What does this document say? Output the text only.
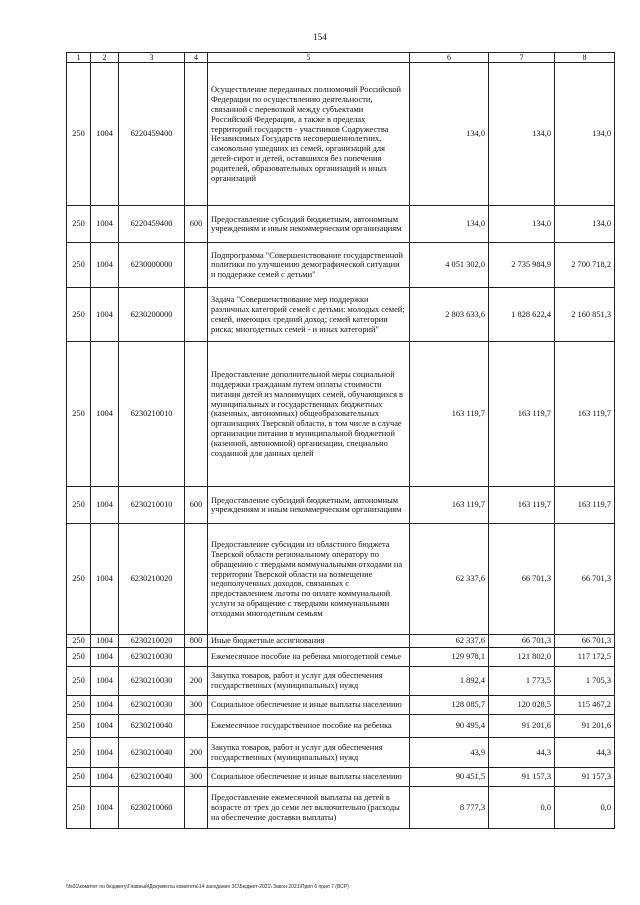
154
1	2	3	4	5	6	7	8
250	1004	6220459400		Осуществление переданных полномочий Российской Федерации по осуществлению деятельности, связанной с перевозкой между субъектами Российской Федерации, а также в пределах территорий государств - участников Содружества Независимых Государств несовершеннолетних, самовольно ушедших из семей, организаций для детей-сирот и детей, оставшихся без попечения родителей, образовательных организаций и иных организаций	134,0	134,0	134,0
250	1004	6220459400	600	Предоставление субсидий бюджетным, автономным учреждениям и иным некоммерческим организациям	134,0	134,0	134,0
250	1004	6230000000		Подпрограмма "Совершенствование государственной политики по улучшению демографической ситуации и поддержке семей с детьми"	4 051 302,0	2 735 984,9	2 700 718,2
250	1004	6230200000		Задача "Совершенствование мер поддержки различных категорий семей с детьми: молодых семей; семей, имеющих средний доход; семей категории риска; многодетных семей - и иных категорий"	2 803 633,6	1 828 622,4	2 160 851,3
250	1004	6230210010		Предоставление дополнительной меры социальной поддержки гражданам путем оплаты стоимости питания детей из малоимущих семей, обучающихся в муниципальных и государственных бюджетных (казенных, автономных) общеобразовательных организациях Тверской области, в том числе в случае организации питания в муниципальной бюджетной (казенной, автономной) организации, специально созданной для данных целей	163 119,7	163 119,7	163 119,7
250	1004	6230210010	600	Предоставление субсидий бюджетным, автономным учреждениям и иным некоммерческим организациям	163 119,7	163 119,7	163 119,7
250	1004	6230210020		Предоставление субсидии из областного бюджета Тверской области региональному оператору по обращению с твердыми коммунальными отходами на территории Тверской области на возмещение недополученных доходов, связанных с предоставлением льготы по оплате коммунальной услуги за обращение с твердыми коммунальными отходами многодетным семьям	62 337,6	66 701,3	66 701,3
250	1004	6230210020	800	Иные бюджетные ассигнования	62 337,6	66 701,3	66 701,3
250	1004	6230210030		Ежемесячное пособие на ребенка многодетной семье	129 978,1	121 802,0	117 172,5
250	1004	6230210030	200	Закупка товаров, работ и услуг для обеспечения государственных (муниципальных) нужд	1 892,4	1 773,5	1 705,3
250	1004	6230210030	300	Социальное обеспечение и иные выплаты населению	128 085,7	120 028,5	115 467,2
250	1004	6230210040		Ежемесячное государственное пособие на ребенка	90 495,4	91 201,6	91 201,6
250	1004	6230210040	200	Закупка товаров, работ и услуг для обеспечения государственных (муниципальных) нужд	43,9	44,3	44,3
250	1004	6230210040	300	Социальное обеспечение и иные выплаты населению	90 451,5	91 157,3	91 157,3
250	1004	6230210060		Предоставление ежемесячной выплаты на детей в возрасте от трех до семи лет включительно (расходы на обеспечение доставки выплаты)	8 777,3	0,0	0,0
\\fs01\комитет по бюджету\Главный\Документы комитета\14 заседание ЗС\Бюджет-2021\ Закон-2021\Прил 6 прил 7 (ВСР)
